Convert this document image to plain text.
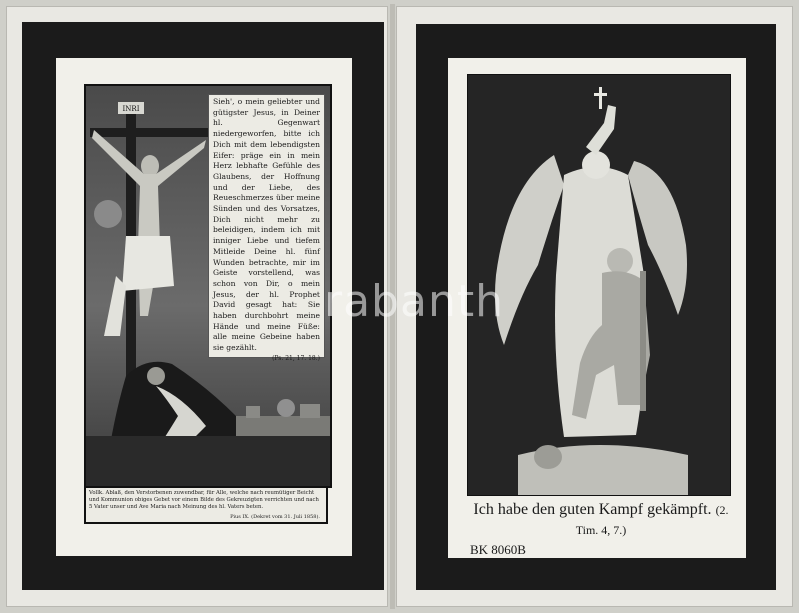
INRI

Sieh', o mein geliebter und gütigster Jesus, in Deiner hl. Gegenwart niedergeworfen, bitte ich Dich mit dem lebendigsten Eifer: präge ein in mein Herz lebhafte Gefühle des Glaubens, der Hoffnung und der Liebe, des Reueschmerzes über meine Sünden und des Vorsatzes, Dich nicht mehr zu beleidigen, indem ich mit inniger Liebe und tiefem Mitleide Deine hl. fünf Wunden betrachte, mir im Geiste vorstellend, was schon von Dir, o mein Jesus, der hl. Prophet David gesagt hat: Sie haben durchbohrt meine Hände und meine Füße: alle meine Gebeine haben sie gezählt.

(Ps. 21, 17. 18.)

Vollk. Ablaß, den Verstorbenen zuwendbar, für Alle, welche nach reumütiger Beicht und Kommunion obiges Gebet vor einem Bilde des Gekreuzigten verrichten und nach 5 Vater unser und Ave Maria nach Meinung des hl. Vaters beten.

Pius IX. (Dekret vom 31. Juli 1858).	Ich habe den guten Kampf gekämpft. (2. Tim. 4, 7.)
BK 8060B
rabanth
